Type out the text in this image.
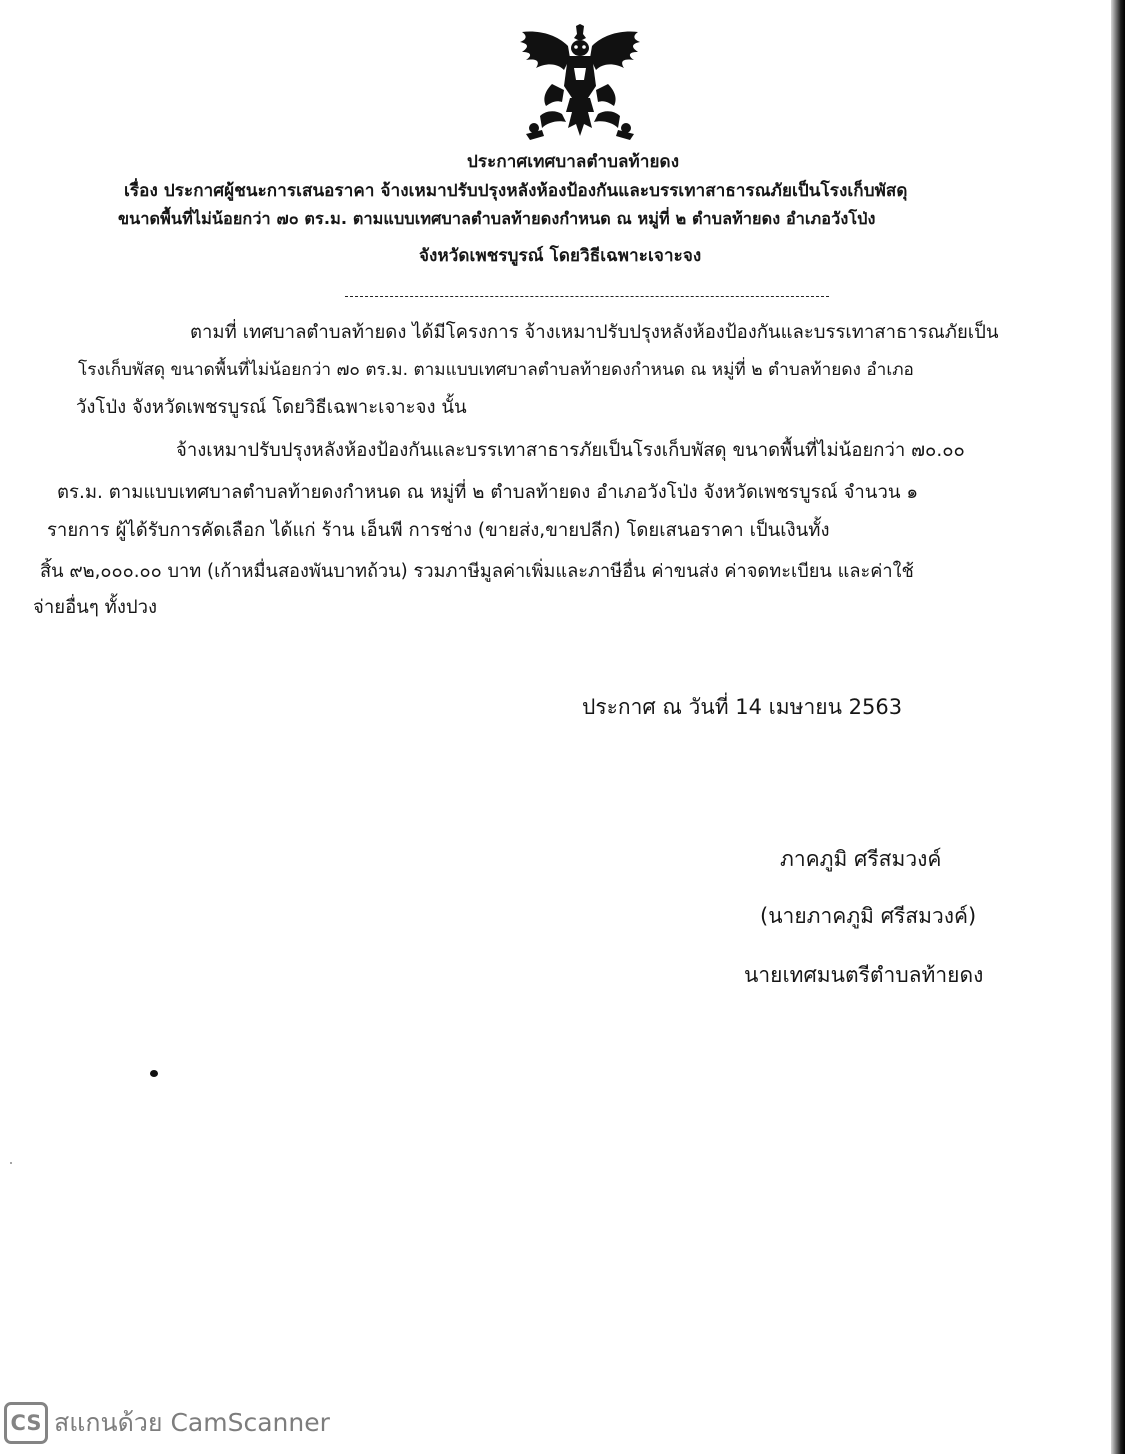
ประกาศเทศบาลตำบลท้ายดง
เรื่อง ประกาศผู้ชนะการเสนอราคา จ้างเหมาปรับปรุงหลังห้องป้องกันและบรรเทาสาธารณภัยเป็นโรงเก็บพัสดุ
ขนาดพื้นที่ไม่น้อยกว่า ๗๐ ตร.ม. ตามแบบเทศบาลตำบลท้ายดงกำหนด ณ หมู่ที่ ๒ ตำบลท้ายดง อำเภอวังโป่ง
จังหวัดเพชรบูรณ์ โดยวิธีเฉพาะเจาะจง
ตามที่ เทศบาลตำบลท้ายดง ได้มีโครงการ จ้างเหมาปรับปรุงหลังห้องป้องกันและบรรเทาสาธารณภัยเป็น
โรงเก็บพัสดุ ขนาดพื้นที่ไม่น้อยกว่า ๗๐ ตร.ม. ตามแบบเทศบาลตำบลท้ายดงกำหนด ณ หมู่ที่ ๒ ตำบลท้ายดง อำเภอ
วังโป่ง จังหวัดเพชรบูรณ์ โดยวิธีเฉพาะเจาะจง นั้น
จ้างเหมาปรับปรุงหลังห้องป้องกันและบรรเทาสาธารภัยเป็นโรงเก็บพัสดุ ขนาดพื้นที่ไม่น้อยกว่า ๗๐.๐๐
ตร.ม. ตามแบบเทศบาลตำบลท้ายดงกำหนด ณ หมู่ที่ ๒ ตำบลท้ายดง อำเภอวังโป่ง จังหวัดเพชรบูรณ์ จำนวน ๑
รายการ ผู้ได้รับการคัดเลือก ได้แก่ ร้าน เอ็นพี การช่าง (ขายส่ง,ขายปลีก) โดยเสนอราคา เป็นเงินทั้ง
สิ้น ๙๒,๐๐๐.๐๐ บาท (เก้าหมื่นสองพันบาทถ้วน) รวมภาษีมูลค่าเพิ่มและภาษีอื่น ค่าขนส่ง ค่าจดทะเบียน และค่าใช้
จ่ายอื่นๆ ทั้งปวง
ประกาศ ณ วันที่ 14 เมษายน 2563
ภาคภูมิ ศรีสมวงค์
(นายภาคภูมิ ศรีสมวงค์)
นายเทศมนตรีตำบลท้ายดง
CS สแกนด้วย CamScanner
